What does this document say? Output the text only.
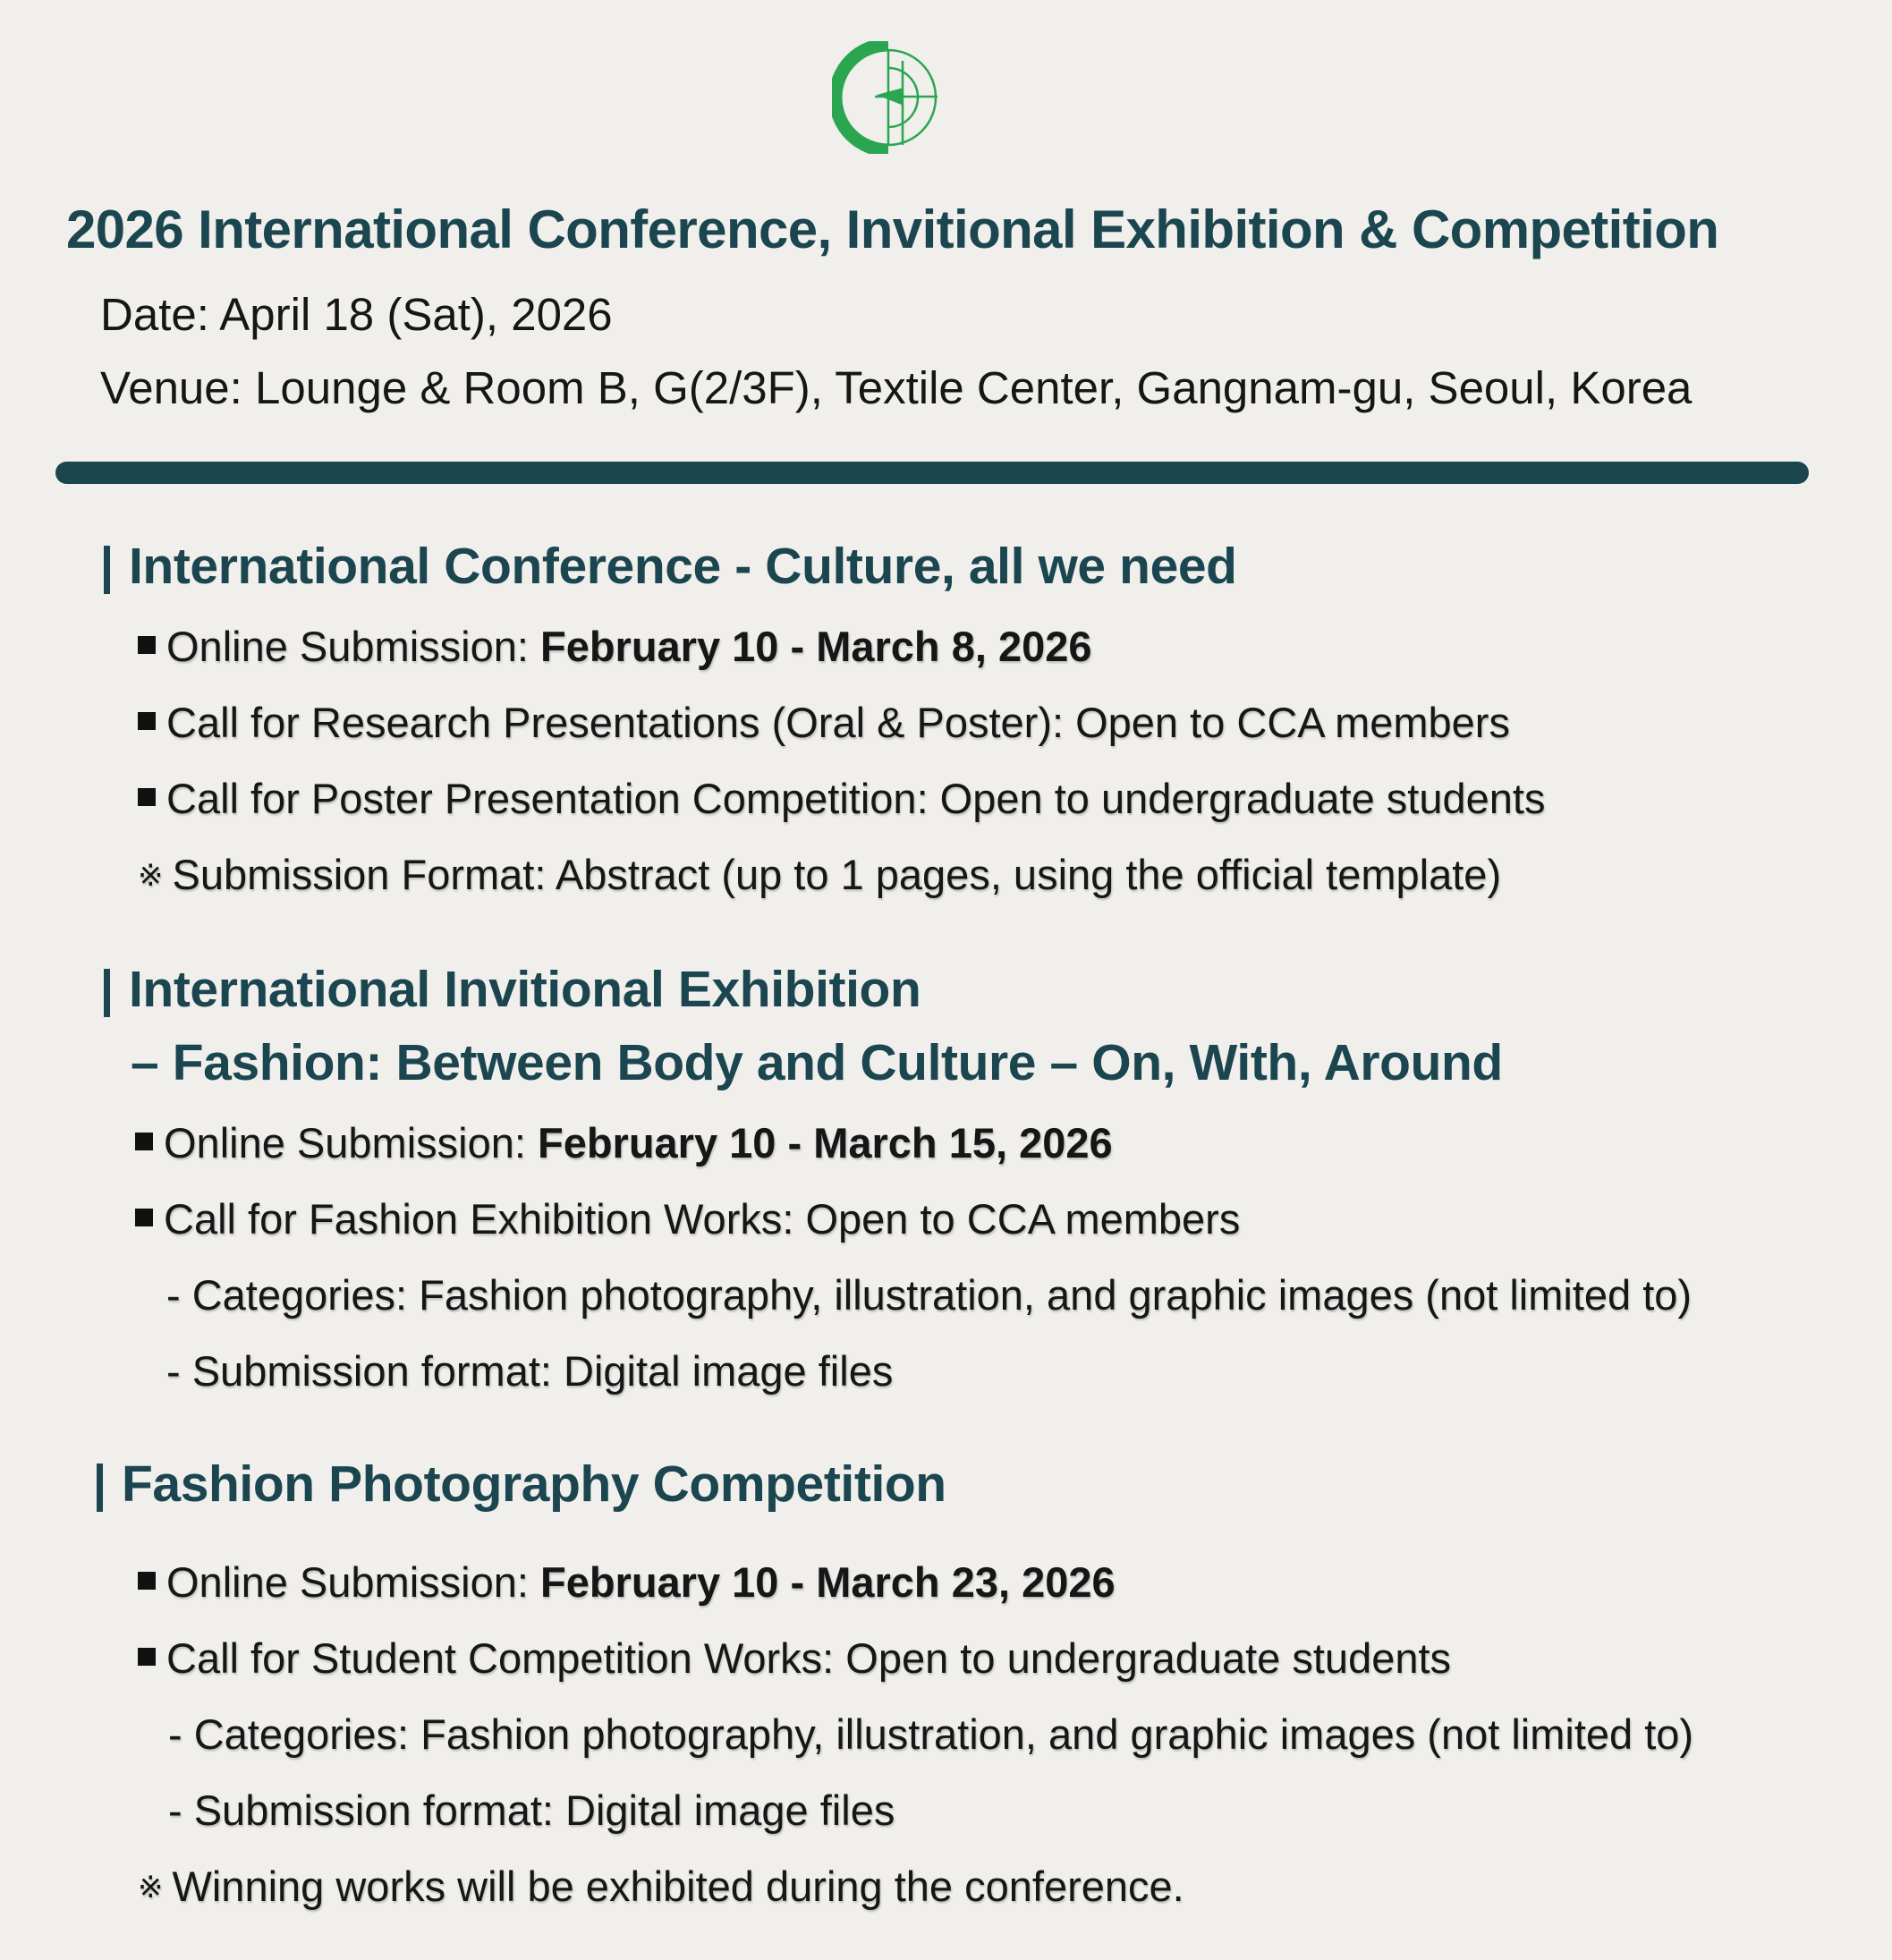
2026 International Conference, Invitional Exhibition & Competition
Date: April 18 (Sat), 2026
Venue: Lounge & Room B, G(2/3F), Textile Center, Gangnam-gu, Seoul, Korea
International Conference - Culture, all we need
Online Submission: February 10 - March 8, 2026
Call for Research Presentations (Oral & Poster): Open to CCA members
Call for Poster Presentation Competition: Open to undergraduate students
※ Submission Format: Abstract (up to 1 pages, using the official template)
International Invitional Exhibition
– Fashion: Between Body and Culture – On, With, Around
Online Submission: February 10 - March 15, 2026
Call for Fashion Exhibition Works: Open to CCA members
- Categories: Fashion photography, illustration, and graphic images (not limited to)
- Submission format: Digital image files
Fashion Photography Competition
Online Submission: February 10 - March 23, 2026
Call for Student Competition Works: Open to undergraduate students
- Categories: Fashion photography, illustration, and graphic images (not limited to)
- Submission format: Digital image files
※ Winning works will be exhibited during the conference.
